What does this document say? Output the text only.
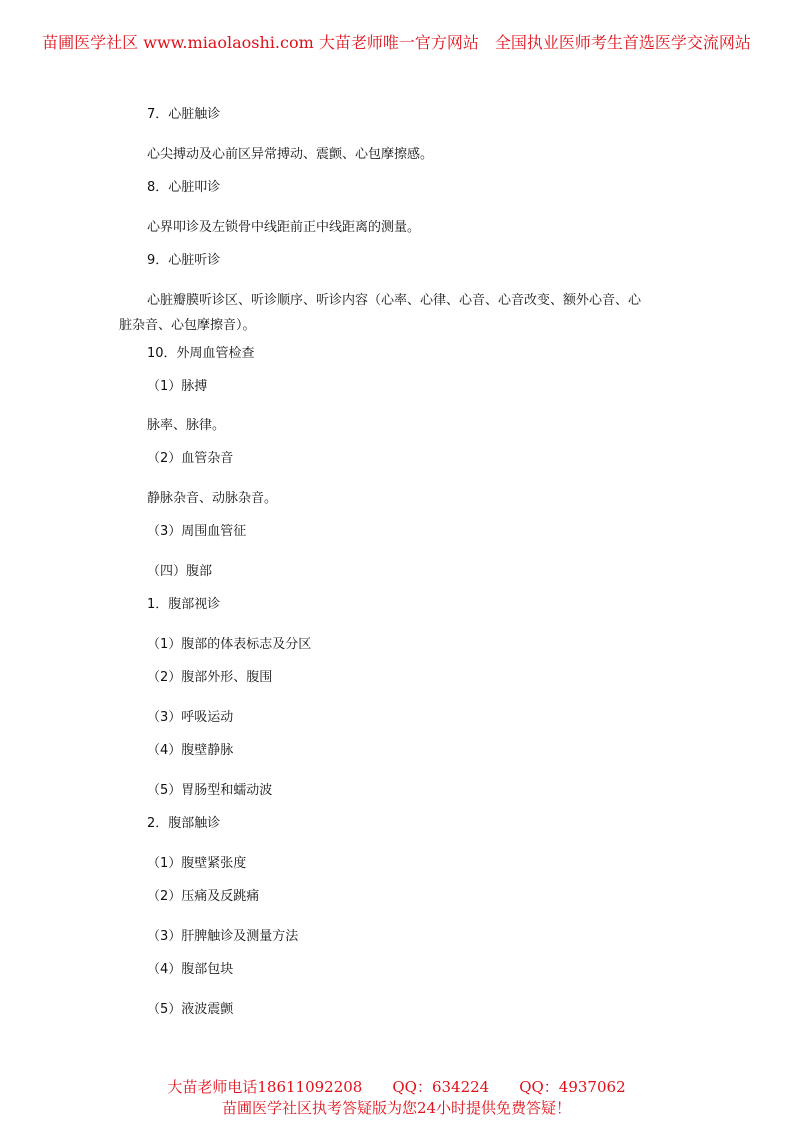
苗圃医学社区 www.miaolaoshi.com 大苗老师唯一官方网站　全国执业医师考生首选医学交流网站
7．心脏触诊
心尖搏动及心前区异常搏动、震颤、心包摩擦感。
8．心脏叩诊
心界叩诊及左锁骨中线距前正中线距离的测量。
9．心脏听诊
心脏瓣膜听诊区、听诊顺序、听诊内容（心率、心律、心音、心音改变、额外心音、心
脏杂音、心包摩擦音）。
10．外周血管检查
（1）脉搏
脉率、脉律。
（2）血管杂音
静脉杂音、动脉杂音。
（3）周围血管征
（四）腹部
1．腹部视诊
（1）腹部的体表标志及分区
（2）腹部外形、腹围
（3）呼吸运动
（4）腹壁静脉
（5）胃肠型和蠕动波
2．腹部触诊
（1）腹壁紧张度
（2）压痛及反跳痛
（3）肝脾触诊及测量方法
（4）腹部包块
（5）液波震颤
大苗老师电话18611092208　　QQ：634224　　QQ：4937062
苗圃医学社区执考答疑版为您24小时提供免费答疑！
